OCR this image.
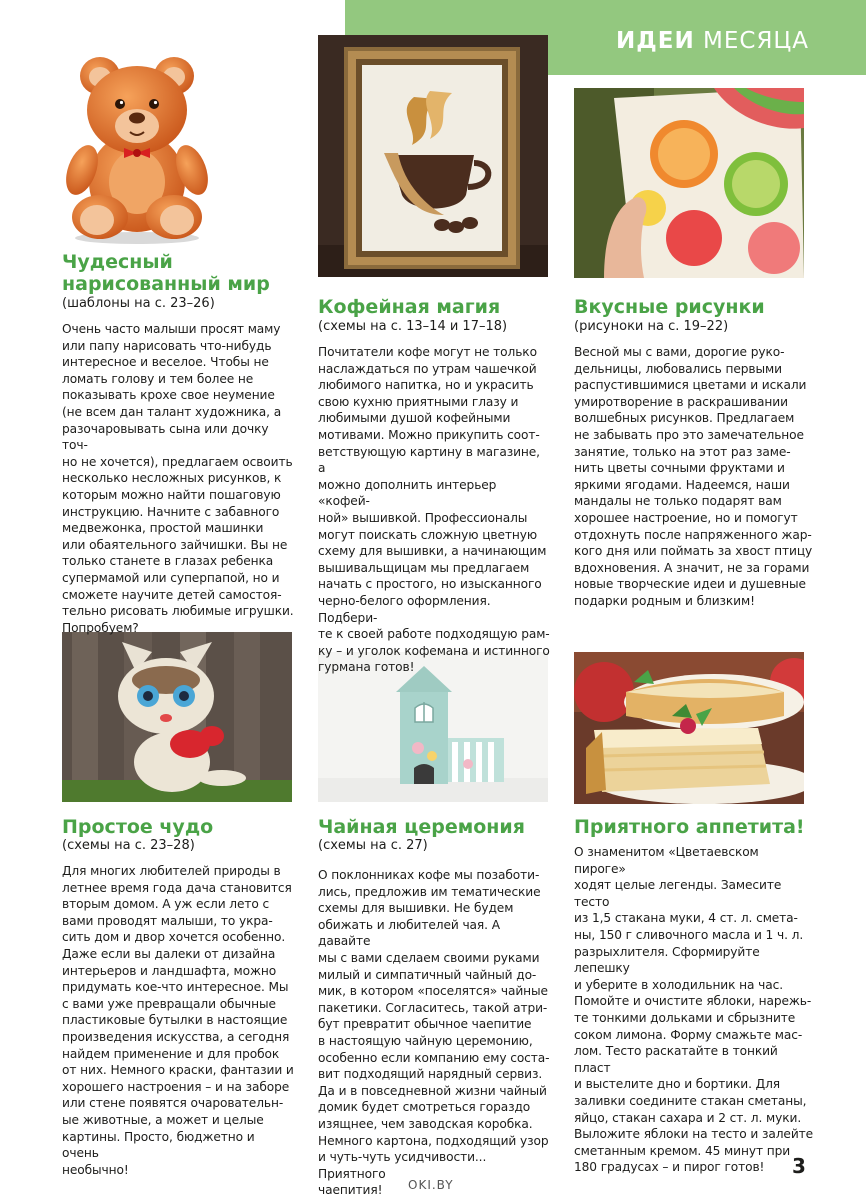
ИДЕИ МЕСЯЦА
Чудесный
нарисованный мир
(шаблоны на с. 23–26)
Очень часто малыши просят маму
или папу нарисовать что-нибудь
интересное и веселое. Чтобы не
ломать голову и тем более не
показывать крохе свое неумение
(не всем дан талант художника, а
разочаровывать сына или дочку точ-
но не хочется), предлагаем освоить
несколько несложных рисунков, к
которым можно найти пошаговую
инструкцию. Начните с забавного
медвежонка, простой машинки
или обаятельного зайчишки. Вы не
только станете в глазах ребенка
супермамой или суперпапой, но и
сможете научите детей самостоя-
тельно рисовать любимые игрушки.
Попробуем?
Кофейная магия
(схемы на с. 13–14 и 17–18)
Почитатели кофе могут не только
наслаждаться по утрам чашечкой
любимого напитка, но и украсить
свою кухню приятными глазу и
любимыми душой кофейными
мотивами. Можно прикупить соот-
ветствующую картину в магазине, а
можно дополнить интерьер «кофей-
ной» вышивкой. Профессионалы
могут поискать сложную цветную
схему для вышивки, а начинающим
вышивальщицам мы предлагаем
начать с простого, но изысканного
черно-белого оформления. Подбери-
те к своей работе подходящую рам-
ку – и уголок кофемана и истинного
гурмана готов!
Вкусные рисунки
(рисуноки на с. 19–22)
Весной мы с вами, дорогие руко-
дельницы, любовались первыми
распустившимися цветами и искали
умиротворение в раскрашивании
волшебных рисунков. Предлагаем
не забывать про это замечательное
занятие, только на этот раз заме-
нить цветы сочными фруктами и
яркими ягодами. Надеемся, наши
мандалы не только подарят вам
хорошее настроение, но и помогут
отдохнуть после напряженного жар-
кого дня или поймать за хвост птицу
вдохновения. А значит, не за горами
новые творческие идеи и душевные
подарки родным и близким!
Простое чудо
(схемы на с. 23–28)
Для многих любителей природы в
летнее время года дача становится
вторым домом. А уж если лето с
вами проводят малыши, то укра-
сить дом и двор хочется особенно.
Даже если вы далеки от дизайна
интерьеров и ландшафта, можно
придумать кое-что интересное. Мы
с вами уже превращали обычные
пластиковые бутылки в настоящие
произведения искусства, а сегодня
найдем применение и для пробок
от них. Немного краски, фантазии и
хорошего настроения – и на заборе
или стене появятся очаровательн-
ые животные, а может и целые
картины. Просто, бюджетно и очень
необычно!
Чайная церемония
(схемы на с. 27)
О поклонниках кофе мы позаботи-
лись, предложив им тематические
схемы для вышивки. Не будем
обижать и любителей чая. А давайте
мы с вами сделаем своими руками
милый и симпатичный чайный до-
мик, в котором «поселятся» чайные
пакетики. Согласитесь, такой атри-
бут превратит обычное чаепитие
в настоящую чайную церемонию,
особенно если компанию ему соста-
вит подходящий нарядный сервиз.
Да и в повседневной жизни чайный
домик будет смотреться гораздо
изящнее, чем заводская коробка.
Немного картона, подходящий узор
и чуть-чуть усидчивости... Приятного
чаепития!
Приятного аппетита!
О знаменитом «Цветаевском пироге»
ходят целые легенды. Замесите тесто
из 1,5 стакана муки, 4 ст. л. смета-
ны, 150 г сливочного масла и 1 ч. л.
разрыхлителя. Сформируйте лепешку
и уберите в холодильник на час.
Помойте и очистите яблоки, нарежь-
те тонкими дольками и сбрызните
соком лимона. Форму смажьте мас-
лом. Тесто раскатайте в тонкий пласт
и выстелите дно и бортики. Для
заливки соедините стакан сметаны,
яйцо, стакан сахара и 2 ст. л. муки.
Выложите яблоки на тесто и залейте
сметанным кремом. 45 минут при
180 градусах – и пирог готов!	3
OKI.BY
